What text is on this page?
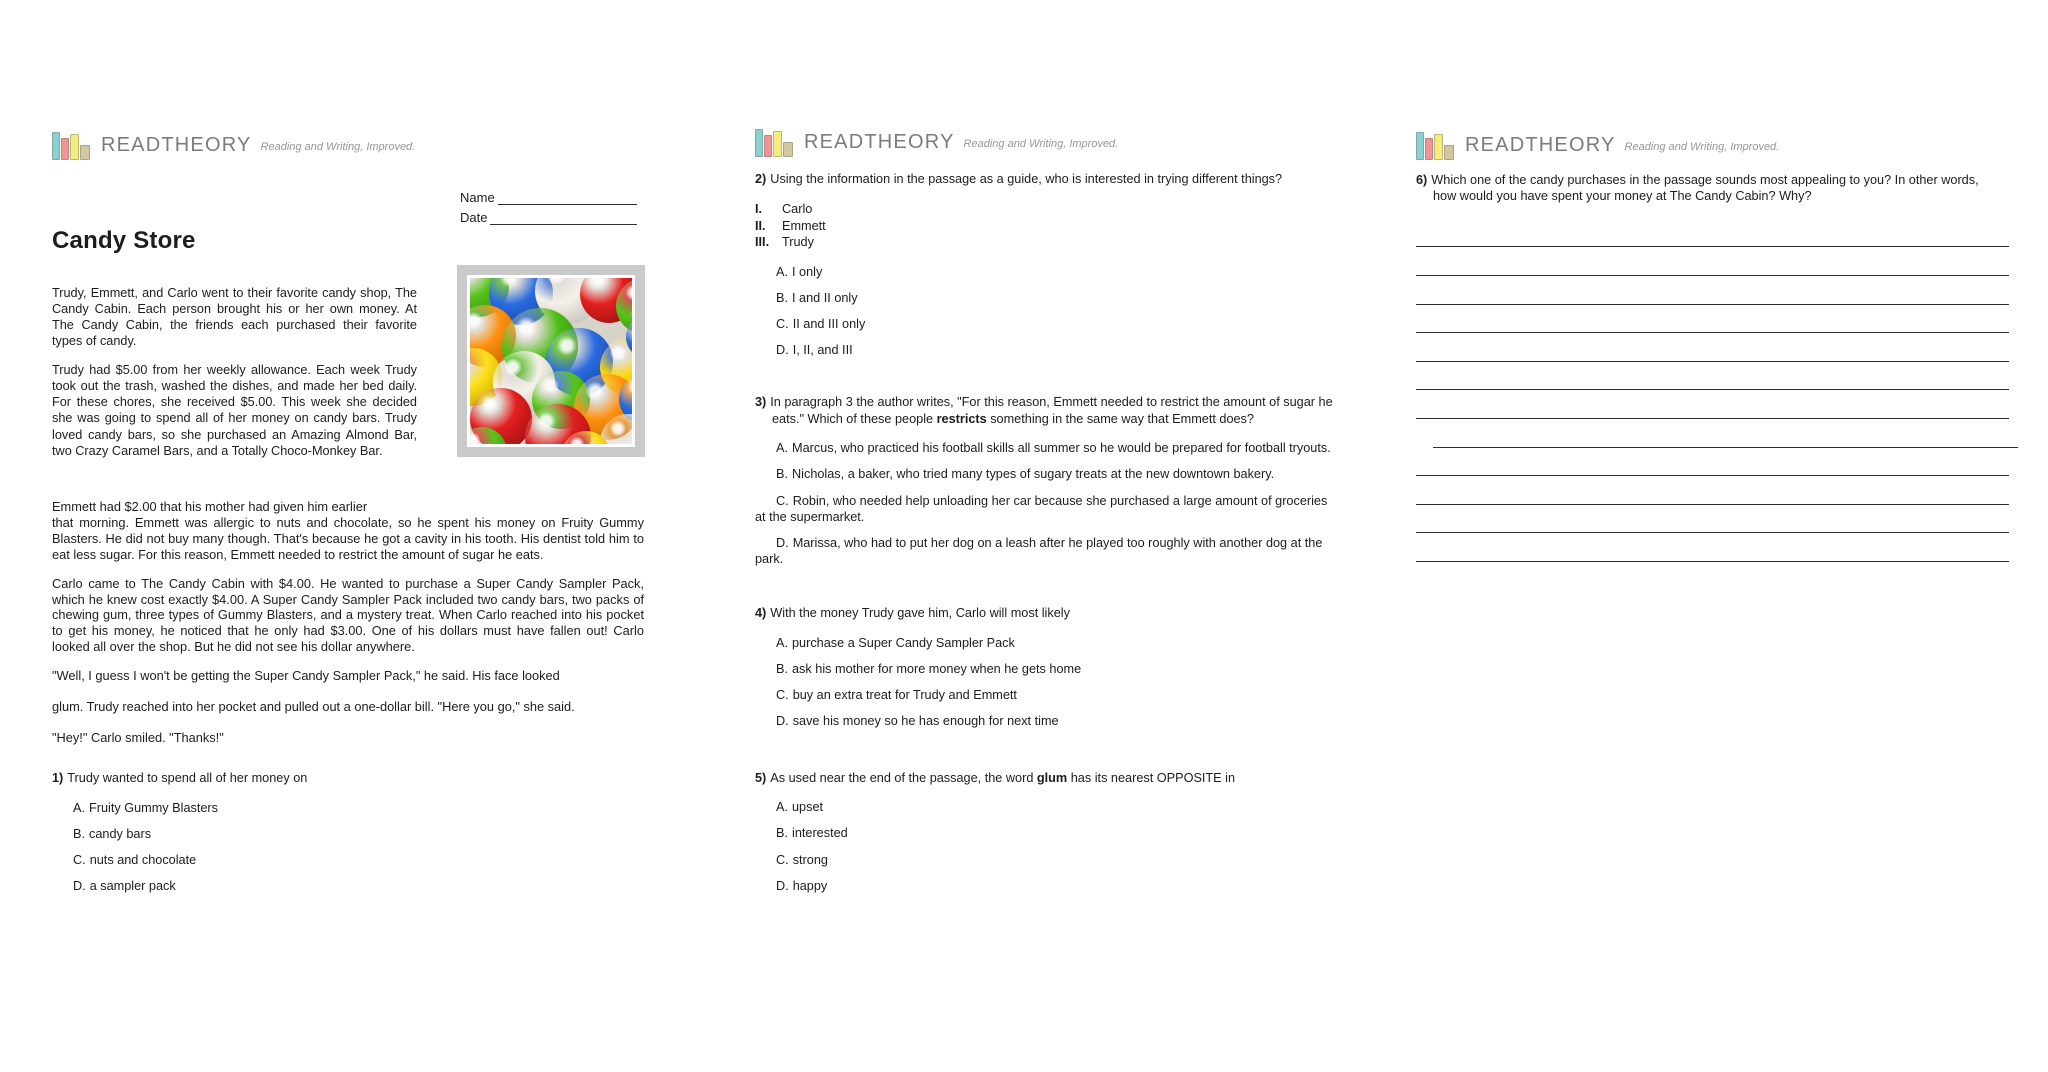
READTHEORY Reading and Writing, Improved.
Name
Date
Candy Store

Trudy, Emmett, and Carlo went to their favorite candy shop, The Candy Cabin. Each person brought his or her own money. At The Candy Cabin, the friends each purchased their favorite types of candy.

Trudy had $5.00 from her weekly allowance. Each week Trudy took out the trash, washed the dishes, and made her bed daily. For these chores, she received $5.00. This week she decided she was going to spend all of her money on candy bars. Trudy loved candy bars, so she purchased an Amazing Almond Bar, two Crazy Caramel Bars, and a Totally Choco-Monkey Bar.

Emmett had $2.00 that his mother had given him earlier
that morning. Emmett was allergic to nuts and chocolate, so he spent his money on Fruity Gummy Blasters. He did not buy many though. That's because he got a cavity in his tooth. His dentist told him to eat less sugar. For this reason, Emmett needed to restrict the amount of sugar he eats.

Carlo came to The Candy Cabin with $4.00. He wanted to purchase a Super Candy Sampler Pack, which he knew cost exactly $4.00. A Super Candy Sampler Pack included two candy bars, two packs of chewing gum, three types of Gummy Blasters, and a mystery treat. When Carlo reached into his pocket to get his money, he noticed that he only had $3.00. One of his dollars must have fallen out! Carlo looked all over the shop. But he did not see his dollar anywhere.

"Well, I guess I won't be getting the Super Candy Sampler Pack," he said. His face looked

glum. Trudy reached into her pocket and pulled out a one-dollar bill. "Here you go," she said.

"Hey!" Carlo smiled. "Thanks!"

1) Trudy wanted to spend all of her money on
A. Fruity Gummy Blasters
B. candy bars
C. nuts and chocolate
D. a sampler pack
READTHEORY Reading and Writing, Improved.
2) Using the information in the passage as a guide, who is interested in trying different things?
I.	Carlo
II.	Emmett
III.	Trudy
A. I only
B. I and II only
C. II and III only
D. I, II, and III
3) In paragraph 3 the author writes, "For this reason, Emmett needed to restrict the amount of sugar he eats." Which of these people restricts something in the same way that Emmett does?
A. Marcus, who practiced his football skills all summer so he would be prepared for football tryouts.
B. Nicholas, a baker, who tried many types of sugary treats at the new downtown bakery.
C. Robin, who needed help unloading her car because she purchased a large amount of groceries at the supermarket.
D. Marissa, who had to put her dog on a leash after he played too roughly with another dog at the park.
4) With the money Trudy gave him, Carlo will most likely
A. purchase a Super Candy Sampler Pack
B. ask his mother for more money when he gets home
C. buy an extra treat for Trudy and Emmett
D. save his money so he has enough for next time
5) As used near the end of the passage, the word glum has its nearest OPPOSITE in
A. upset
B. interested
C. strong
D. happy
READTHEORY Reading and Writing, Improved.
6) Which one of the candy purchases in the passage sounds most appealing to you? In other words, how would you have spent your money at The Candy Cabin? Why?
